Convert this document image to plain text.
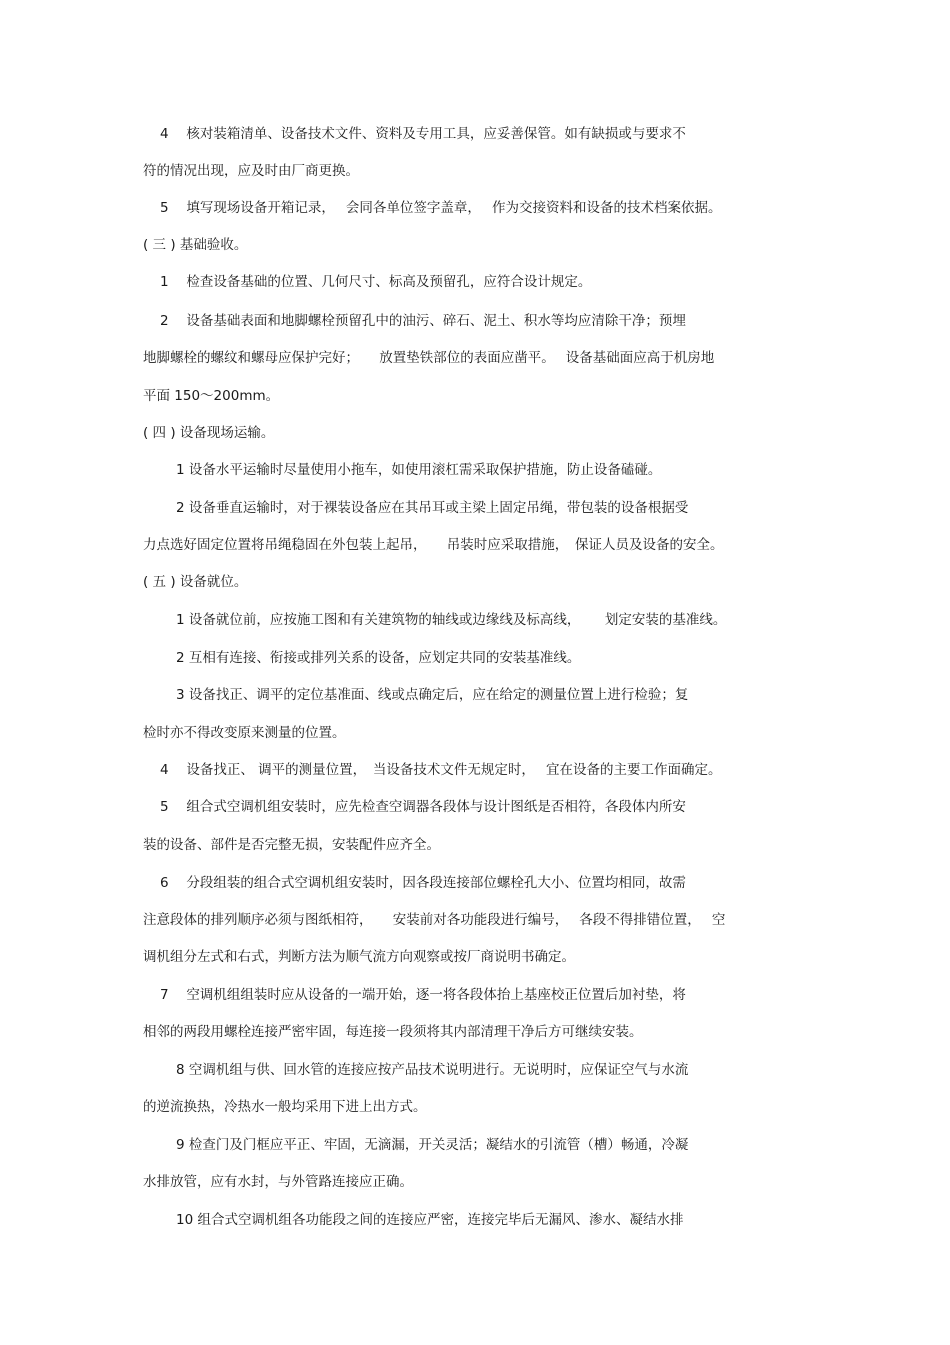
4　 核对装箱清单、设备技术文件、资料及专用工具，应妥善保管。如有缺损或与要求不
符的情况出现，应及时由厂商更换。
5　 填写现场设备开箱记录，　 会同各单位签字盖章，　 作为交接资料和设备的技术档案依据。
( 三 ) 基础验收。
1　 检查设备基础的位置、几何尺寸、标高及预留孔，应符合设计规定。
2　 设备基础表面和地脚螺栓预留孔中的油污、碎石、泥土、积水等均应清除干净；预埋
地脚螺栓的螺纹和螺母应保护完好；　　放置垫铁部位的表面应凿平。　 设备基础面应高于机房地
平面 150～200mm。
( 四 ) 设备现场运输。
1 设备水平运输时尽量使用小拖车，如使用滚杠需采取保护措施，防止设备磕碰。
2 设备垂直运输时，对于裸装设备应在其吊耳或主梁上固定吊绳，带包装的设备根据受
力点选好固定位置将吊绳稳固在外包装上起吊，　　吊装时应采取措施，　保证人员及设备的安全。
( 五 ) 设备就位。
1 设备就位前，应按施工图和有关建筑物的轴线或边缘线及标高线，　　 划定安装的基准线。
2 互相有连接、衔接或排列关系的设备，应划定共同的安装基准线。
3 设备找正、调平的定位基准面、线或点确定后，应在给定的测量位置上进行检验；复
检时亦不得改变原来测量的位置。
4　 设备找正、 调平的测量位置，　当设备技术文件无规定时，　 宜在设备的主要工作面确定。
5　 组合式空调机组安装时，应先检查空调器各段体与设计图纸是否相符，各段体内所安
装的设备、部件是否完整无损，安装配件应齐全。
6　 分段组装的组合式空调机组安装时，因各段连接部位螺栓孔大小、位置均相同，故需
注意段体的排列顺序必须与图纸相符，　　安装前对各功能段进行编号，　 各段不得排错位置，　 空
调机组分左式和右式，判断方法为顺气流方向观察或按厂商说明书确定。
7　 空调机组组装时应从设备的一端开始，逐一将各段体抬上基座校正位置后加衬垫，将
相邻的两段用螺栓连接严密牢固，每连接一段须将其内部清理干净后方可继续安装。
8 空调机组与供、回水管的连接应按产品技术说明进行。无说明时，应保证空气与水流
的逆流换热，冷热水一般均采用下进上出方式。
9 检查门及门框应平正、牢固，无滴漏，开关灵活；凝结水的引流管（槽）畅通，冷凝
水排放管，应有水封，与外管路连接应正确。
10 组合式空调机组各功能段之间的连接应严密，连接完毕后无漏风、渗水、凝结水排
